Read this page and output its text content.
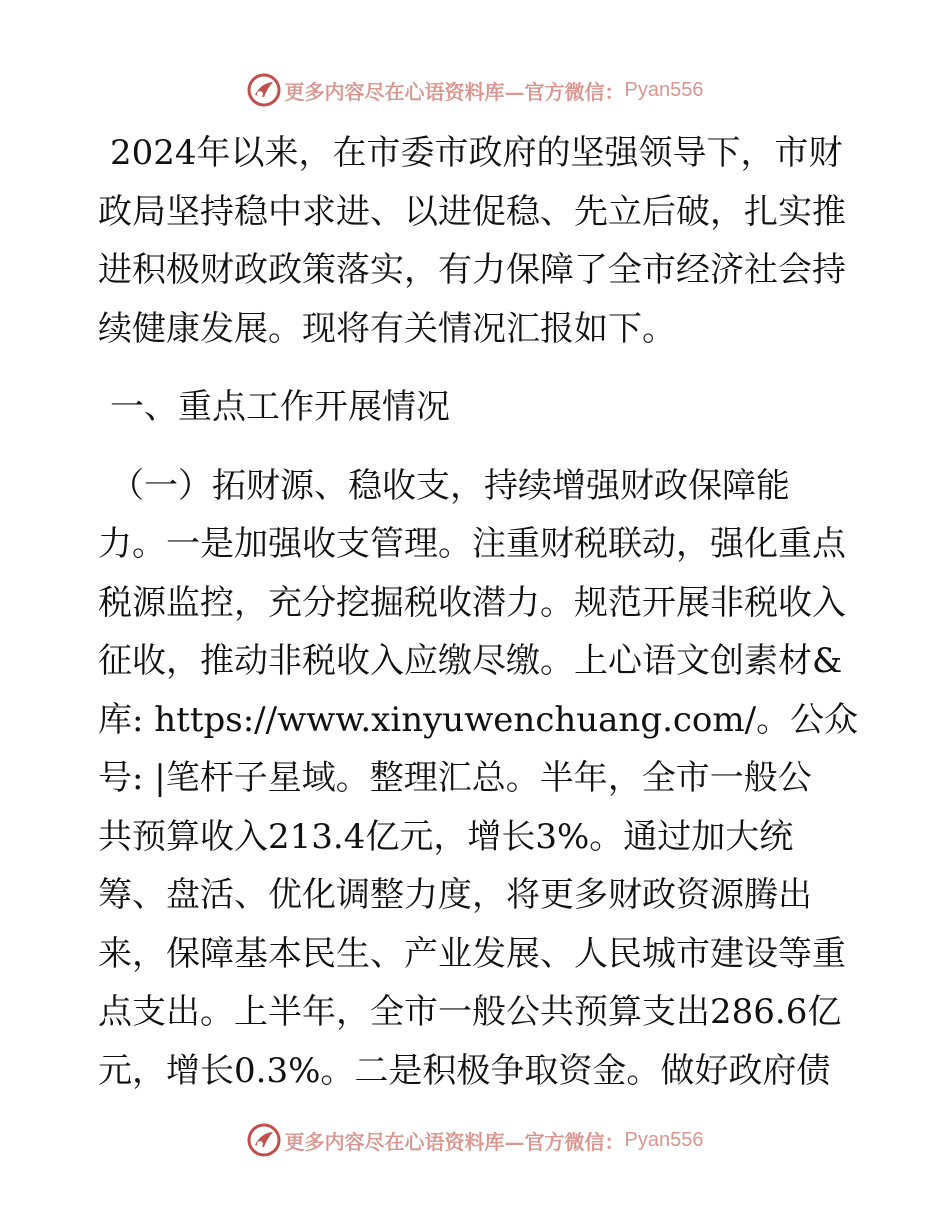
更多内容尽在心语资料库—官方微信： Pyan556
2024年以来，在市委市政府的坚强领导下，市财
政局坚持稳中求进、以进促稳、先立后破，扎实推
进积极财政政策落实，有力保障了全市经济社会持
续健康发展。现将有关情况汇报如下。
一、重点工作开展情况
（一）拓财源、稳收支，持续增强财政保障能
力。一是加强收支管理。注重财税联动，强化重点
税源监控，充分挖掘税收潜力。规范开展非税收入
征收，推动非税收入应缴尽缴。上心语文创素材&
库: https://www.xinyuwenchuang.com/。公众
号: |笔杆子星域。整理汇总。半年，全市一般公
共预算收入213.4亿元，增长3%。通过加大统
筹、盘活、优化调整力度，将更多财政资源腾出
来，保障基本民生、产业发展、人民城市建设等重
点支出。上半年，全市一般公共预算支出286.6亿
元，增长0.3%。二是积极争取资金。做好政府债
更多内容尽在心语资料库—官方微信： Pyan556
